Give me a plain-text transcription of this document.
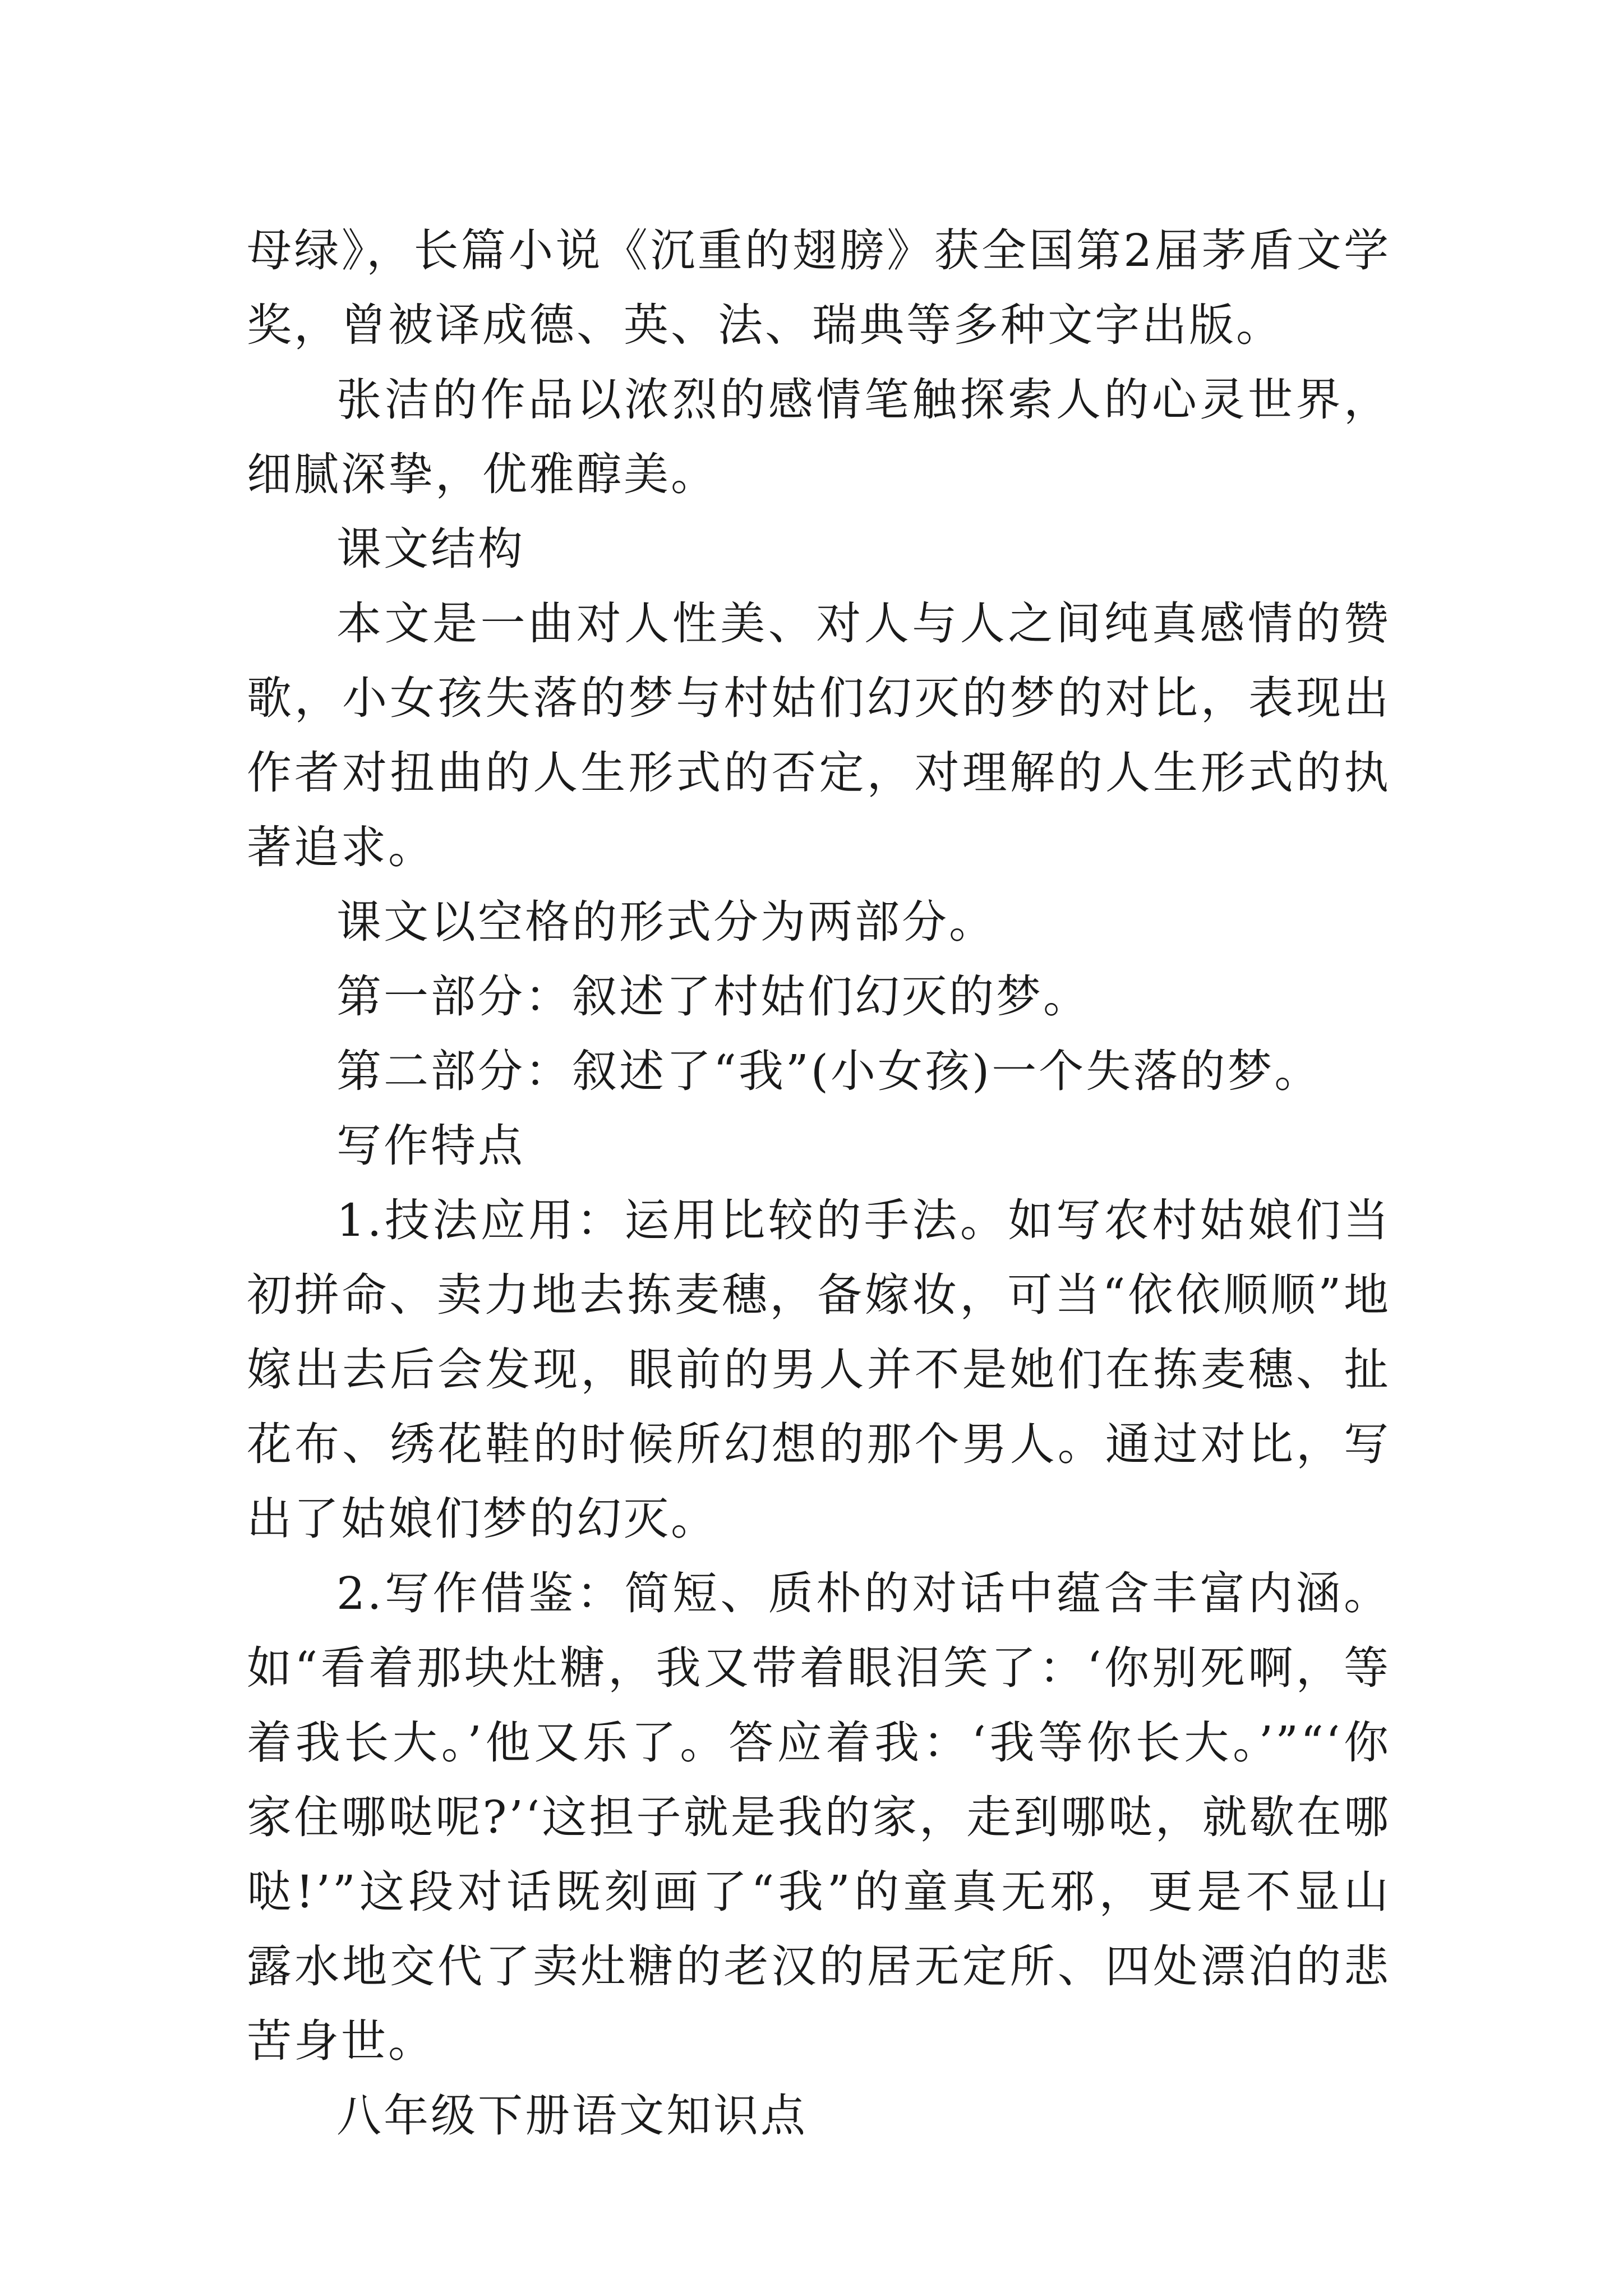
母绿》，长篇小说《沉重的翅膀》获全国第2届茅盾文学奖，曾被译成德、英、法、瑞典等多种文字出版。

张洁的作品以浓烈的感情笔触探索人的心灵世界，细腻深挚，优雅醇美。

课文结构

本文是一曲对人性美、对人与人之间纯真感情的赞歌，小女孩失落的梦与村姑们幻灭的梦的对比，表现出作者对扭曲的人生形式的否定，对理解的人生形式的执著追求。

课文以空格的形式分为两部分。

第一部分：叙述了村姑们幻灭的梦。

第二部分：叙述了“我”(小女孩)一个失落的梦。

写作特点

1.技法应用：运用比较的手法。如写农村姑娘们当初拼命、卖力地去拣麦穗，备嫁妆，可当“依依顺顺”地嫁出去后会发现，眼前的男人并不是她们在拣麦穗、扯花布、绣花鞋的时候所幻想的那个男人。通过对比，写出了姑娘们梦的幻灭。

2.写作借鉴：简短、质朴的对话中蕴含丰富内涵。如“看着那块灶糖，我又带着眼泪笑了：‘你别死啊，等着我长大。’他又乐了。答应着我：‘我等你长大。’”“‘你家住哪哒呢?’‘这担子就是我的家，走到哪哒，就歇在哪哒!’”这段对话既刻画了“我”的童真无邪，更是不显山露水地交代了卖灶糖的老汉的居无定所、四处漂泊的悲苦身世。

八年级下册语文知识点
